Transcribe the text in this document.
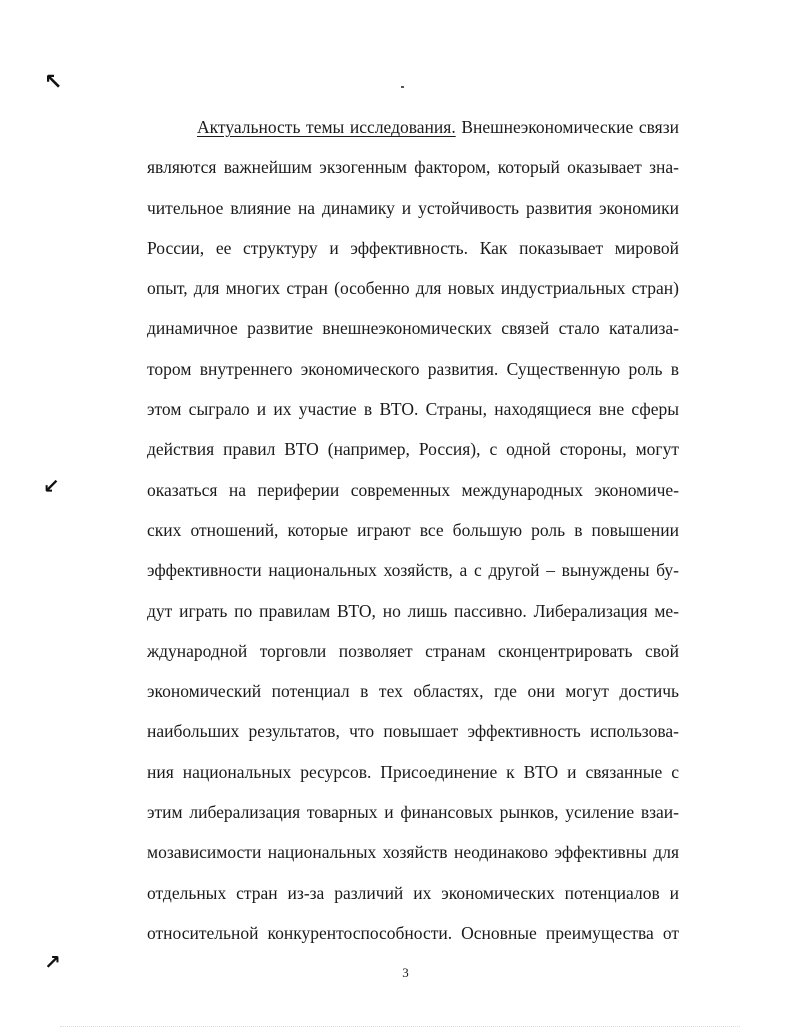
↖
↙
↗
Актуальность темы исследования. Внешнеэкономические связи
являются важнейшим экзогенным фактором, который оказывает зна-
чительное влияние на динамику и устойчивость развития экономики
России, ее структуру и эффективность. Как показывает мировой
опыт, для многих стран (особенно для новых индустриальных стран)
динамичное развитие внешнеэкономических связей стало катализа-
тором внутреннего экономического развития. Существенную роль в
этом сыграло и их участие в ВТО. Страны, находящиеся вне сферы
действия правил ВТО (например, Россия), с одной стороны, могут
оказаться на периферии современных международных экономиче-
ских отношений, которые играют все большую роль в повышении
эффективности национальных хозяйств, а с другой – вынуждены бу-
дут играть по правилам ВТО, но лишь пассивно. Либерализация ме-
ждународной торговли позволяет странам сконцентрировать свой
экономический потенциал в тех областях, где они могут достичь
наибольших результатов, что повышает эффективность использова-
ния национальных ресурсов. Присоединение к ВТО и связанные с
этим либерализация товарных и финансовых рынков, усиление взаи-
мозависимости национальных хозяйств неодинаково эффективны для
отдельных стран из-за различий их экономических потенциалов и
относительной конкурентоспособности. Основные преимущества от
3
